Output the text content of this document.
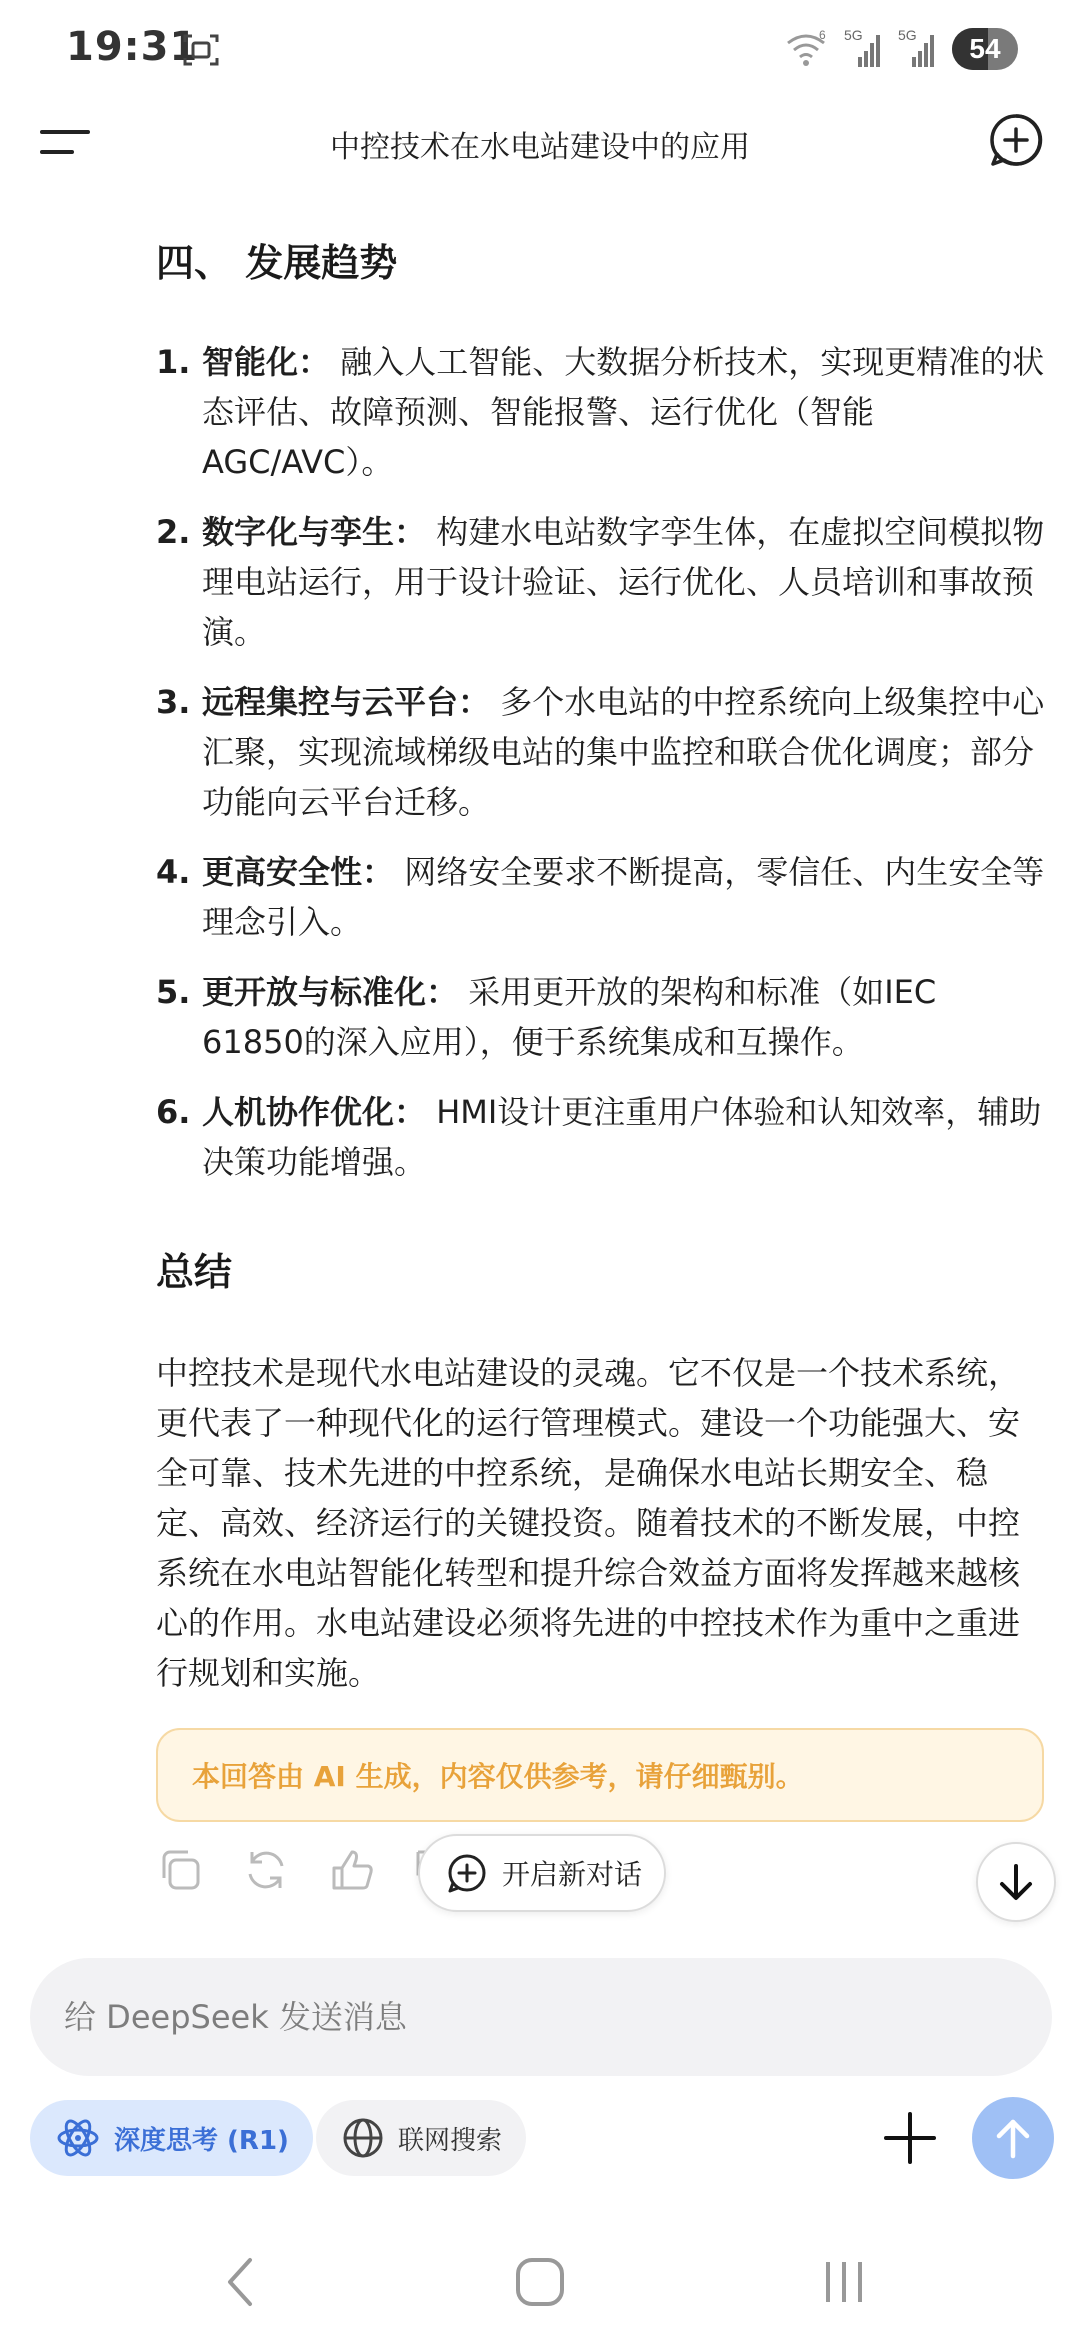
19:31	6 5G	5G	54
中控技术在水电站建设中的应用
四、 发展趋势
1. 智能化： 融入人工智能、大数据分析技术，实现更精准的状态评估、故障预测、智能报警、运行优化（智能AGC/AVC）。
2. 数字化与孪生： 构建水电站数字孪生体，在虚拟空间模拟物理电站运行，用于设计验证、运行优化、人员培训和事故预演。
3. 远程集控与云平台： 多个水电站的中控系统向上级集控中心汇聚，实现流域梯级电站的集中监控和联合优化调度；部分功能向云平台迁移。
4. 更高安全性： 网络安全要求不断提高，零信任、内生安全等理念引入。
5. 更开放与标准化： 采用更开放的架构和标准（如IEC 61850的深入应用），便于系统集成和互操作。
6. 人机协作优化： HMI设计更注重用户体验和认知效率，辅助决策功能增强。
总结
中控技术是现代水电站建设的灵魂。它不仅是一个技术系统，更代表了一种现代化的运行管理模式。建设一个功能强大、安全可靠、技术先进的中控系统，是确保水电站长期安全、稳定、高效、经济运行的关键投资。随着技术的不断发展，中控系统在水电站智能化转型和提升综合效益方面将发挥越来越核心的作用。水电站建设必须将先进的中控技术作为重中之重进行规划和实施。
本回答由 AI 生成，内容仅供参考，请仔细甄别。
开启新对话
给 DeepSeek 发送消息
深度思考 (R1)	联网搜索
